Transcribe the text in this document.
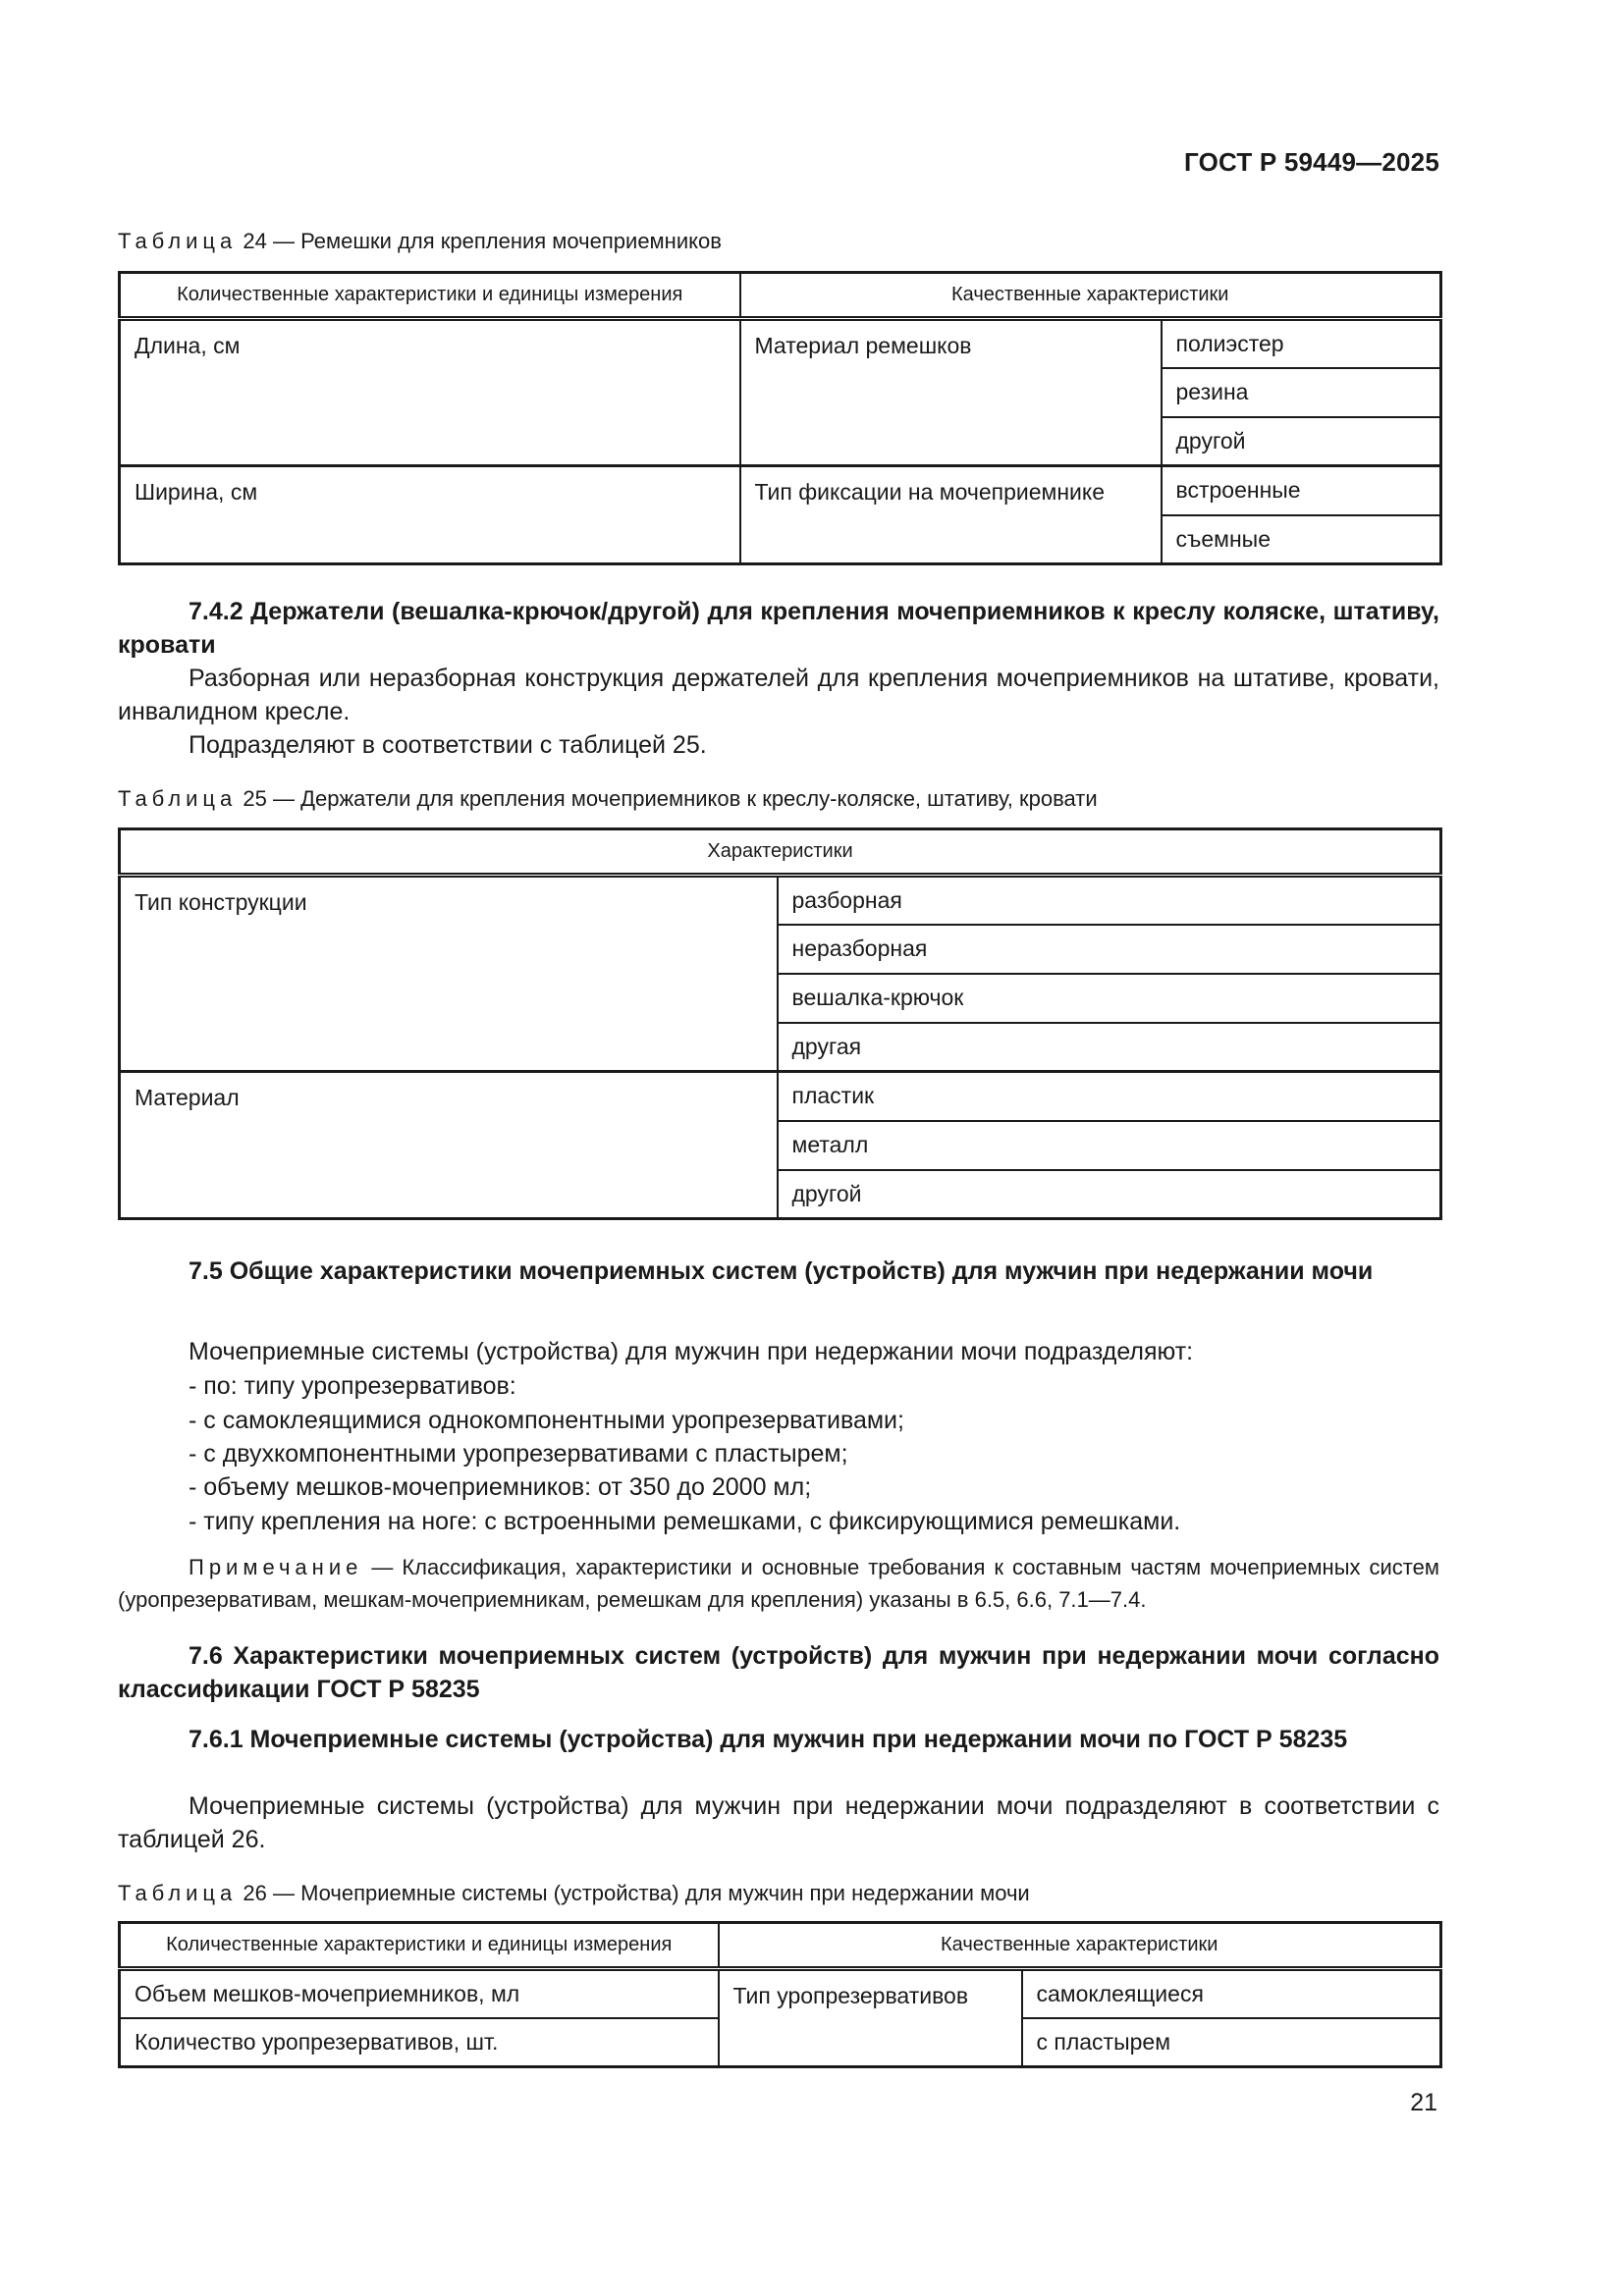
ГОСТ Р 59449—2025
Таблица 24 — Ремешки для крепления мочеприемников
Количественные характеристики и единицы измерения	Качественные характеристики	
Длина, см	Материал ремешков	полиэстер
		резина
		другой
Ширина, см	Тип фиксации на мочеприемнике	встроенные
		съемные
7.4.2 Держатели (вешалка-крючок/другой) для крепления мочеприемников к креслу коляске, штативу, кровати
Разборная или неразборная конструкция держателей для крепления мочеприемников на штативе, кровати, инвалидном кресле.
Подразделяют в соответствии с таблицей 25.
Таблица 25 — Держатели для крепления мочеприемников к креслу-коляске, штативу, кровати
Характеристики	
Тип конструкции	разборная
	неразборная
	вешалка-крючок
	другая
Материал	пластик
	металл
	другой
7.5 Общие характеристики мочеприемных систем (устройств) для мужчин при недержании мочи
Мочеприемные системы (устройства) для мужчин при недержании мочи подразделяют:
- по: типу уропрезервативов:
- с самоклеящимися однокомпонентными уропрезервативами;
- с двухкомпонентными уропрезервативами с пластырем;
- объему мешков-мочеприемников: от 350 до 2000 мл;
- типу крепления на ноге: с встроенными ремешками, с фиксирующимися ремешками.
Примечание — Классификация, характеристики и основные требования к составным частям мочеприемных систем (уропрезервативам, мешкам-мочеприемникам, ремешкам для крепления) указаны в 6.5, 6.6, 7.1—7.4.
7.6 Характеристики мочеприемных систем (устройств) для мужчин при недержании мочи согласно классификации ГОСТ Р 58235
7.6.1 Мочеприемные системы (устройства) для мужчин при недержании мочи по ГОСТ Р 58235
Мочеприемные системы (устройства) для мужчин при недержании мочи подразделяют в соответствии с таблицей 26.
Таблица 26 — Мочеприемные системы (устройства) для мужчин при недержании мочи
Количественные характеристики и единицы измерения	Качественные характеристики	
Объем мешков-мочеприемников, мл	Тип уропрезервативов	самоклеящиеся
Количество уропрезервативов, шт.		с пластырем
21
